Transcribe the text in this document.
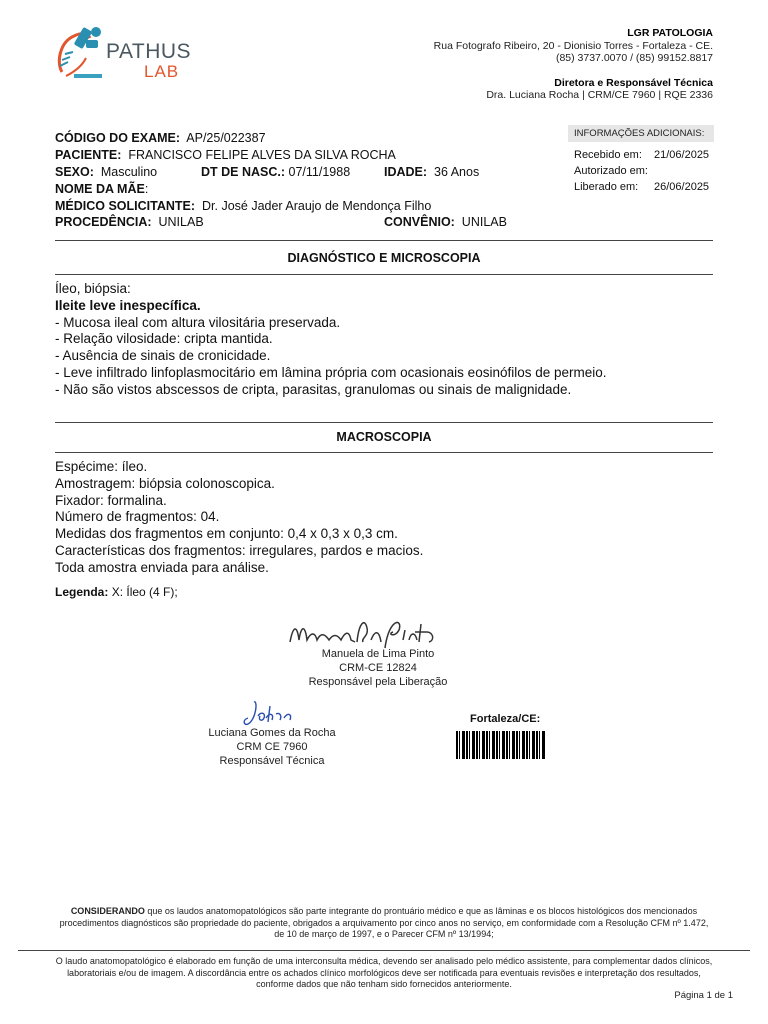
PATHUS
LAB
LGR PATOLOGIA
Rua Fotografo Ribeiro, 20 - Dionisio Torres - Fortaleza - CE.
(85) 3737.0070 / (85) 99152.8817
Diretora e Responsável Técnica
Dra. Luciana Rocha | CRM/CE 7960 | RQE 2336
CÓDIGO DO EXAME: AP/25/022387
PACIENTE: FRANCISCO FELIPE ALVES DA SILVA ROCHA
SEXO: Masculino	DT DE NASC.: 07/11/1988	IDADE: 36 Anos
NOME DA MÃE:
MÉDICO SOLICITANTE: Dr. José Jader Araujo de Mendonça Filho
PROCEDÊNCIA: UNILAB	CONVÊNIO: UNILAB
INFORMAÇÕES ADICIONAIS:
Recebido em:	21/06/2025
Autorizado em:
Liberado em:	26/06/2025
DIAGNÓSTICO E MICROSCOPIA
Íleo, biópsia:
Ileite leve inespecífica.
- Mucosa ileal com altura vilositária preservada.
- Relação vilosidade: cripta mantida.
- Ausência de sinais de cronicidade.
- Leve infiltrado linfoplasmocitário em lâmina própria com ocasionais eosinófilos de permeio.
- Não são vistos abscessos de cripta, parasitas, granulomas ou sinais de malignidade.
MACROSCOPIA
Espécime: íleo.
Amostragem: biópsia colonoscopica.
Fixador: formalina.
Número de fragmentos: 04.
Medidas dos fragmentos em conjunto: 0,4 x 0,3 x 0,3 cm.
Características dos fragmentos: irregulares, pardos e macios.
Toda amostra enviada para análise.
Legenda: X: Íleo (4 F);
Manuela de Lima Pinto
CRM-CE 12824
Responsável pela Liberação
Luciana Gomes da Rocha
CRM CE 7960
Responsável Técnica
Fortaleza/CE:
CONSIDERANDO que os laudos anatomopatológicos são parte integrante do prontuário médico e que as lâminas e os blocos histológicos dos mencionados procedimentos diagnósticos são propriedade do paciente, obrigados a arquivamento por cinco anos no serviço, em conformidade com a Resolução CFM nº 1.472, de 10 de março de 1997, e o Parecer CFM nº 13/1994;
O laudo anatomopatológico é elaborado em função de uma interconsulta médica, devendo ser analisado pelo médico assistente, para complementar dados clínicos, laboratoriais e/ou de imagem. A discordância entre os achados clínico morfológicos deve ser notificada para eventuais revisões e interpretação dos resultados, conforme dados que não tenham sido fornecidos anteriormente.
Página 1 de 1
